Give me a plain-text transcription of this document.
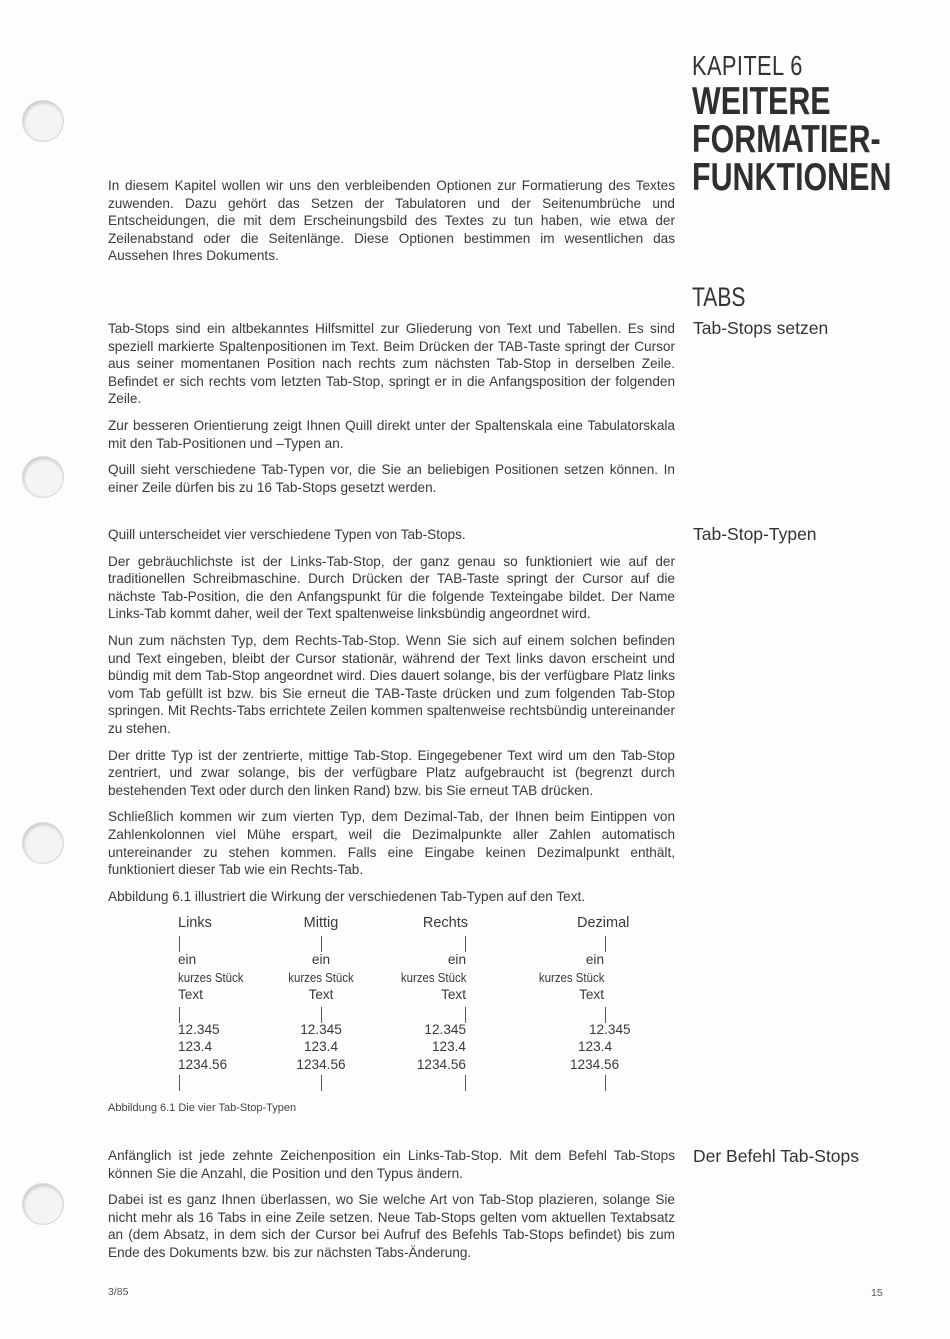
KAPITEL 6
WEITERE
FORMATIER-
FUNKTIONEN

In diesem Kapitel wollen wir uns den verbleibenden Optionen zur Formatierung des Textes zuwenden. Dazu gehört das Setzen der Tabulatoren und der Seitenumbrüche und Entscheidungen, die mit dem Erscheinungsbild des Textes zu tun haben, wie etwa der Zeilenabstand oder die Seitenlänge. Diese Optionen bestimmen im wesentlichen das Aussehen Ihres Dokuments.

TABS
Tab-Stops setzen

Tab-Stops sind ein altbekanntes Hilfsmittel zur Gliederung von Text und Tabellen. Es sind speziell markierte Spaltenpositionen im Text. Beim Drücken der TAB-Taste springt der Cursor aus seiner momentanen Position nach rechts zum nächsten Tab-Stop in derselben Zeile. Befindet er sich rechts vom letzten Tab-Stop, springt er in die Anfangsposition der folgenden Zeile.

Zur besseren Orientierung zeigt Ihnen Quill direkt unter der Spaltenskala eine Tabulatorskala mit den Tab-Positionen und –Typen an.

Quill sieht verschiedene Tab-Typen vor, die Sie an beliebigen Positionen setzen können. In einer Zeile dürfen bis zu 16 Tab-Stops gesetzt werden.

Tab-Stop-Typen

Quill unterscheidet vier verschiedene Typen von Tab-Stops.

Der gebräuchlichste ist der Links-Tab-Stop, der ganz genau so funktioniert wie auf der traditionellen Schreibmaschine. Durch Drücken der TAB-Taste springt der Cursor auf die nächste Tab-Position, die den Anfangspunkt für die folgende Texteingabe bildet. Der Name Links-Tab kommt daher, weil der Text spaltenweise linksbündig angeordnet wird.

Nun zum nächsten Typ, dem Rechts-Tab-Stop. Wenn Sie sich auf einem solchen befinden und Text eingeben, bleibt der Cursor stationär, während der Text links davon erscheint und bündig mit dem Tab-Stop angeordnet wird. Dies dauert solange, bis der verfügbare Platz links vom Tab gefüllt ist bzw. bis Sie erneut die TAB-Taste drücken und zum folgenden Tab-Stop springen. Mit Rechts-Tabs errichtete Zeilen kommen spaltenweise rechtsbündig untereinander zu stehen.

Der dritte Typ ist der zentrierte, mittige Tab-Stop. Eingegebener Text wird um den Tab-Stop zentriert, und zwar solange, bis der verfügbare Platz aufgebraucht ist (begrenzt durch bestehenden Text oder durch den linken Rand) bzw. bis Sie erneut TAB drücken.

Schließlich kommen wir zum vierten Typ, dem Dezimal-Tab, der Ihnen beim Eintippen von Zahlenkolonnen viel Mühe erspart, weil die Dezimalpunkte aller Zahlen automatisch untereinander zu stehen kommen. Falls eine Eingabe keinen Dezimalpunkt enthält, funktioniert dieser Tab wie ein Rechts-Tab.

Abbildung 6.1 illustriert die Wirkung der verschiedenen Tab-Typen auf den Text.

Links
ein
kurzes Stück
Text
12.345
123.4
1234.56
Mittig
ein
kurzes Stück
Text
12.345
123.4
1234.56
Rechts
ein
kurzes Stück
Text
12.345
123.4
1234.56
Dezimal
ein
kurzes Stück
Text
12.345
123.4
1234.56
Abbildung 6.1 Die vier Tab-Stop-Typen
Der Befehl Tab-Stops

Anfänglich ist jede zehnte Zeichenposition ein Links-Tab-Stop. Mit dem Befehl Tab-Stops können Sie die Anzahl, die Position und den Typus ändern.

Dabei ist es ganz Ihnen überlassen, wo Sie welche Art von Tab-Stop plazieren, solange Sie nicht mehr als 16 Tabs in eine Zeile setzen. Neue Tab-Stops gelten vom aktuellen Textabsatz an (dem Absatz, in dem sich der Cursor bei Aufruf des Befehls Tab-Stops befindet) bis zum Ende des Dokuments bzw. bis zur nächsten Tabs-Änderung.

3/85	15
